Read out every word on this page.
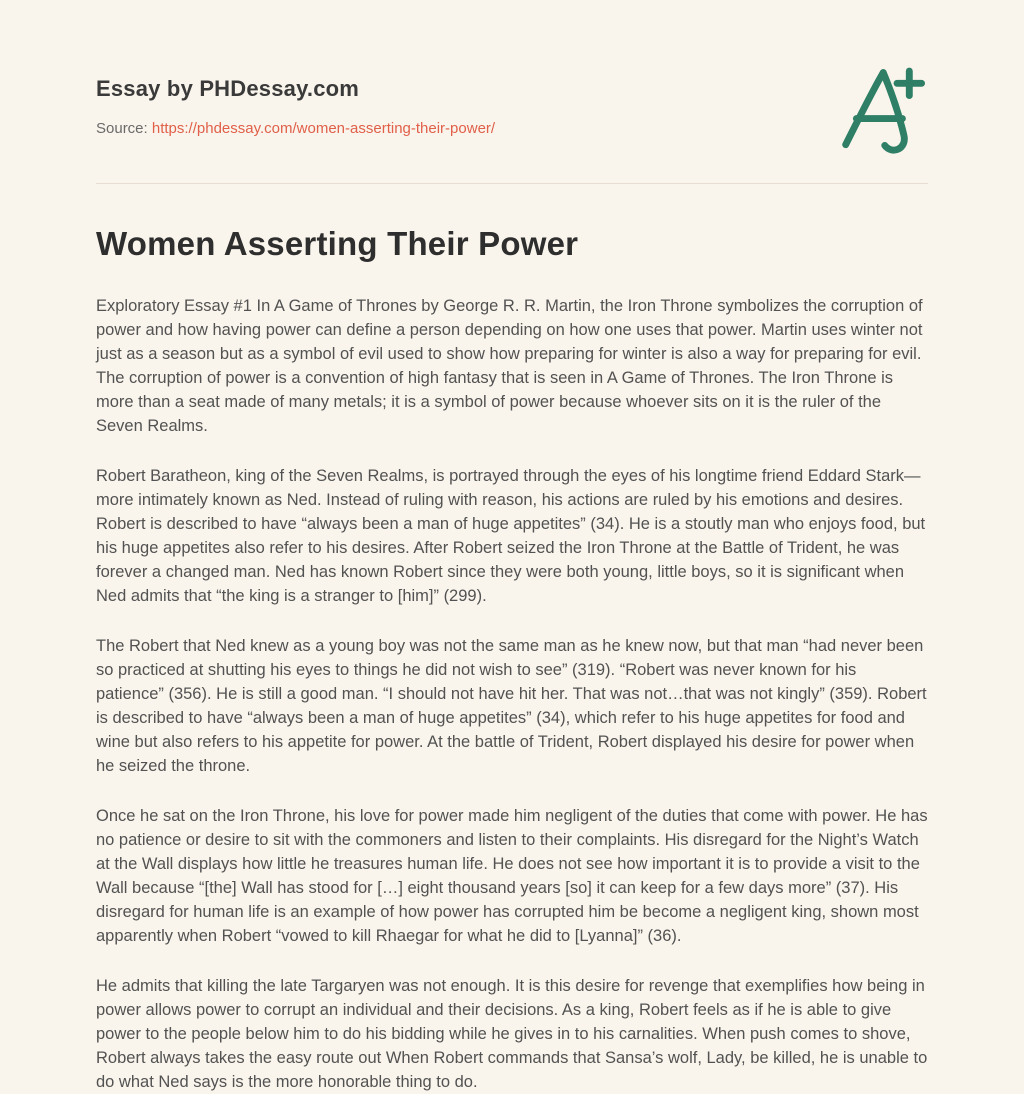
Essay by PHDessay.com
Source: https://phdessay.com/women-asserting-their-power/
Women Asserting Their Power

Exploratory Essay #1 In A Game of Thrones by George R. R. Martin, the Iron Throne symbolizes the corruption of power and how having power can define a person depending on how one uses that power. Martin uses winter not just as a season but as a symbol of evil used to show how preparing for winter is also a way for preparing for evil. The corruption of power is a convention of high fantasy that is seen in A Game of Thrones. The Iron Throne is more than a seat made of many metals; it is a symbol of power because whoever sits on it is the ruler of the Seven Realms.

Robert Baratheon, king of the Seven Realms, is portrayed through the eyes of his longtime friend Eddard Stark—more intimately known as Ned. Instead of ruling with reason, his actions are ruled by his emotions and desires. Robert is described to have “always been a man of huge appetites” (34). He is a stoutly man who enjoys food, but his huge appetites also refer to his desires. After Robert seized the Iron Throne at the Battle of Trident, he was forever a changed man. Ned has known Robert since they were both young, little boys, so it is significant when Ned admits that “the king is a stranger to [him]” (299).

The Robert that Ned knew as a young boy was not the same man as he knew now, but that man “had never been so practiced at shutting his eyes to things he did not wish to see” (319). “Robert was never known for his patience” (356). He is still a good man. “I should not have hit her. That was not…that was not kingly” (359). Robert is described to have “always been a man of huge appetites” (34), which refer to his huge appetites for food and wine but also refers to his appetite for power. At the battle of Trident, Robert displayed his desire for power when he seized the throne.

Once he sat on the Iron Throne, his love for power made him negligent of the duties that come with power. He has no patience or desire to sit with the commoners and listen to their complaints. His disregard for the Night’s Watch at the Wall displays how little he treasures human life. He does not see how important it is to provide a visit to the Wall because “[the] Wall has stood for […] eight thousand years [so] it can keep for a few days more” (37). His disregard for human life is an example of how power has corrupted him be become a negligent king, shown most apparently when Robert “vowed to kill Rhaegar for what he did to [Lyanna]” (36).

He admits that killing the late Targaryen was not enough. It is this desire for revenge that exemplifies how being in power allows power to corrupt an individual and their decisions. As a king, Robert feels as if he is able to give power to the people below him to do his bidding while he gives in to his carnalities. When push comes to shove, Robert always takes the easy route out When Robert commands that Sansa’s wolf, Lady, be killed, he is unable to do what Ned says is the more honorable thing to do.
